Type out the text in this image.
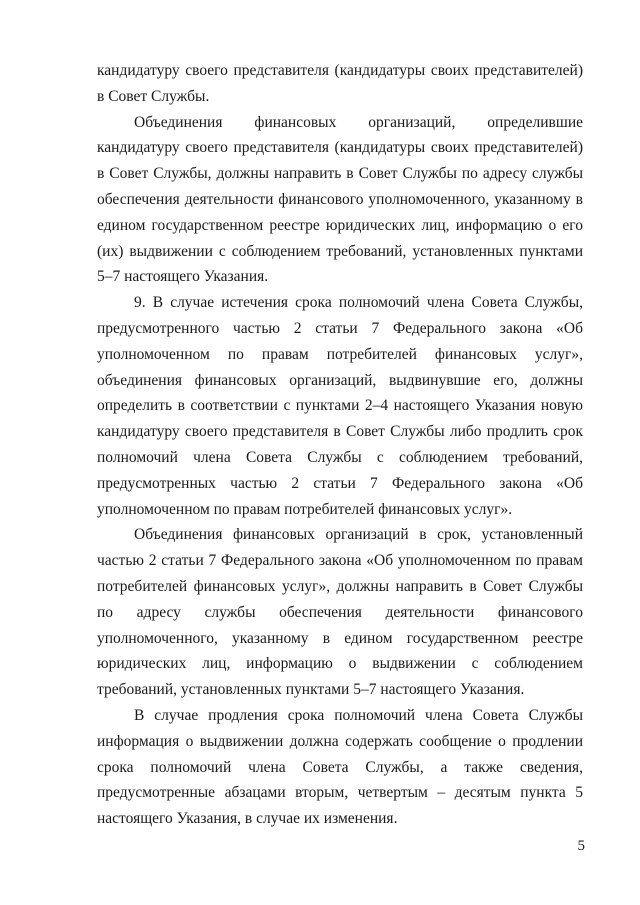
кандидатуру своего представителя (кандидатуры своих представителей) в Совет Службы.

Объединения финансовых организаций, определившие кандидатуру своего представителя (кандидатуры своих представителей) в Совет Службы, должны направить в Совет Службы по адресу службы обеспечения деятельности финансового уполномоченного, указанному в едином государственном реестре юридических лиц, информацию о его (их) выдвижении с соблюдением требований, установленных пунктами 5–7 настоящего Указания.

9. В случае истечения срока полномочий члена Совета Службы, предусмотренного частью 2 статьи 7 Федерального закона «Об уполномоченном по правам потребителей финансовых услуг», объединения финансовых организаций, выдвинувшие его, должны определить в соответствии с пунктами 2–4 настоящего Указания новую кандидатуру своего представителя в Совет Службы либо продлить срок полномочий члена Совета Службы с соблюдением требований, предусмотренных частью 2 статьи 7 Федерального закона «Об уполномоченном по правам потребителей финансовых услуг».

Объединения финансовых организаций в срок, установленный частью 2 статьи 7 Федерального закона «Об уполномоченном по правам потребителей финансовых услуг», должны направить в Совет Службы по адресу службы обеспечения деятельности финансового уполномоченного, указанному в едином государственном реестре юридических лиц, информацию о выдвижении с соблюдением требований, установленных пунктами 5–7 настоящего Указания.

В случае продления срока полномочий члена Совета Службы информация о выдвижении должна содержать сообщение о продлении срока полномочий члена Совета Службы, а также сведения, предусмотренные абзацами вторым, четвертым – десятым пункта 5 настоящего Указания, в случае их изменения.

5
